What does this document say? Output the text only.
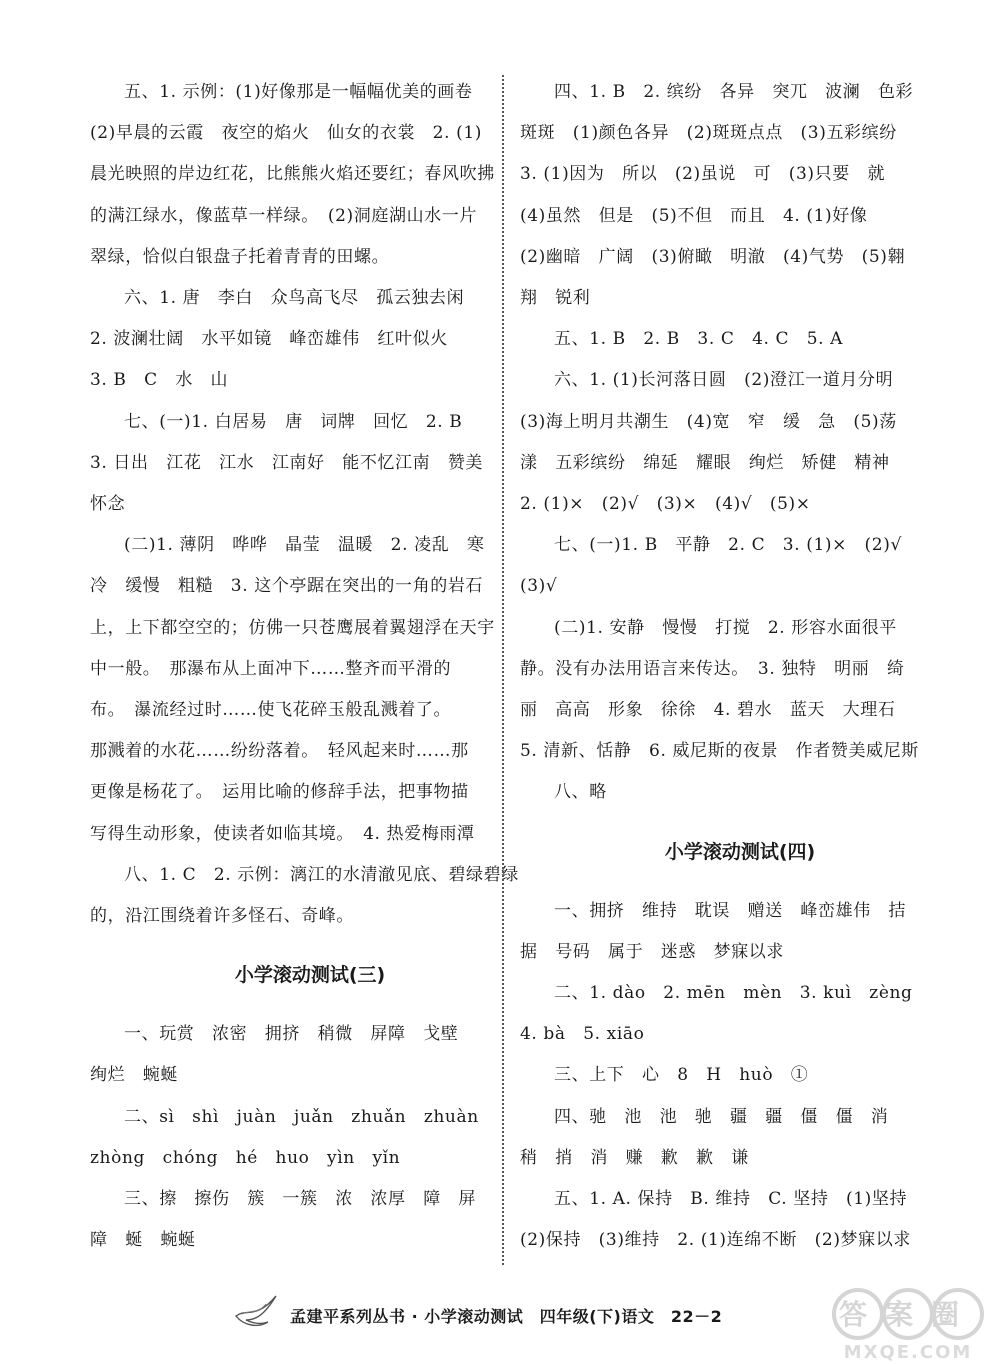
五、1. 示例：(1)好像那是一幅幅优美的画卷
(2)早晨的云霞　夜空的焰火　仙女的衣裳　2. (1)
晨光映照的岸边红花，比熊熊火焰还要红；春风吹拂
的满江绿水，像蓝草一样绿。　(2)洞庭湖山水一片
翠绿，恰似白银盘子托着青青的田螺。
六、1. 唐　李白　众鸟高飞尽　孤云独去闲
2. 波澜壮阔　水平如镜　峰峦雄伟　红叶似火
3. B　C　水　山
七、(一)1. 白居易　唐　词牌　回忆　2. B
3. 日出　江花　江水　江南好　能不忆江南　赞美
怀念
(二)1. 薄阴　哗哗　晶莹　温暖　2. 凌乱　寒
冷　缓慢　粗糙　3. 这个亭踞在突出的一角的岩石
上，上下都空空的；仿佛一只苍鹰展着翼翅浮在天宇
中一般。　那瀑布从上面冲下……整齐而平滑的
布。　瀑流经过时……使飞花碎玉般乱溅着了。
那溅着的水花……纷纷落着。　轻风起来时……那
更像是杨花了。　运用比喻的修辞手法，把事物描
写得生动形象，使读者如临其境。　4. 热爱梅雨潭
八、1. C　2. 示例：漓江的水清澈见底、碧绿碧绿
的，沿江围绕着许多怪石、奇峰。
小学滚动测试(三)
一、玩赏　浓密　拥挤　稍微　屏障　戈壁
绚烂　蜿蜒
二、sì　shì　juàn　juǎn　zhuǎn　zhuàn
zhòng　chóng　hé　huo　yìn　yǐn
三、擦　擦伤　簇　一簇　浓　浓厚　障　屏
障　蜒　蜿蜒
四、1. B　2. 缤纷　各异　突兀　波澜　色彩
斑斑　(1)颜色各异　(2)斑斑点点　(3)五彩缤纷
3. (1)因为　所以　(2)虽说　可　(3)只要　就
(4)虽然　但是　(5)不但　而且　4. (1)好像
(2)幽暗　广阔　(3)俯瞰　明澈　(4)气势　(5)翱
翔　锐利
五、1. B　2. B　3. C　4. C　5. A
六、1. (1)长河落日圆　(2)澄江一道月分明
(3)海上明月共潮生　(4)宽　窄　缓　急　(5)荡
漾　五彩缤纷　绵延　耀眼　绚烂　矫健　精神
2. (1)×　(2)√　(3)×　(4)√　(5)×
七、(一)1. B　平静　2. C　3. (1)×　(2)√
(3)√
(二)1. 安静　慢慢　打搅　2. 形容水面很平
静。没有办法用语言来传达。　3. 独特　明丽　绮
丽　高高　形象　徐徐　4. 碧水　蓝天　大理石
5. 清新、恬静　6. 威尼斯的夜景　作者赞美威尼斯
八、略
小学滚动测试(四)
一、拥挤　维持　耽误　赠送　峰峦雄伟　拮
据　号码　属于　迷惑　梦寐以求
二、1. dào　2. mēn　mèn　3. kuì　zèng
4. bà　5. xiāo
三、上下　心　8　H　huò　①
四、驰　池　池　驰　疆　疆　僵　僵　消
稍　捎　消　赚　歉　歉　谦
五、1. A. 保持　B. 维持　C. 坚持　(1)坚持
(2)保持　(3)维持　2. (1)连绵不断　(2)梦寐以求
孟建平系列丛书 · 小学滚动测试　四年级(下)语文　22－2	答案圈
MXQE.COM
